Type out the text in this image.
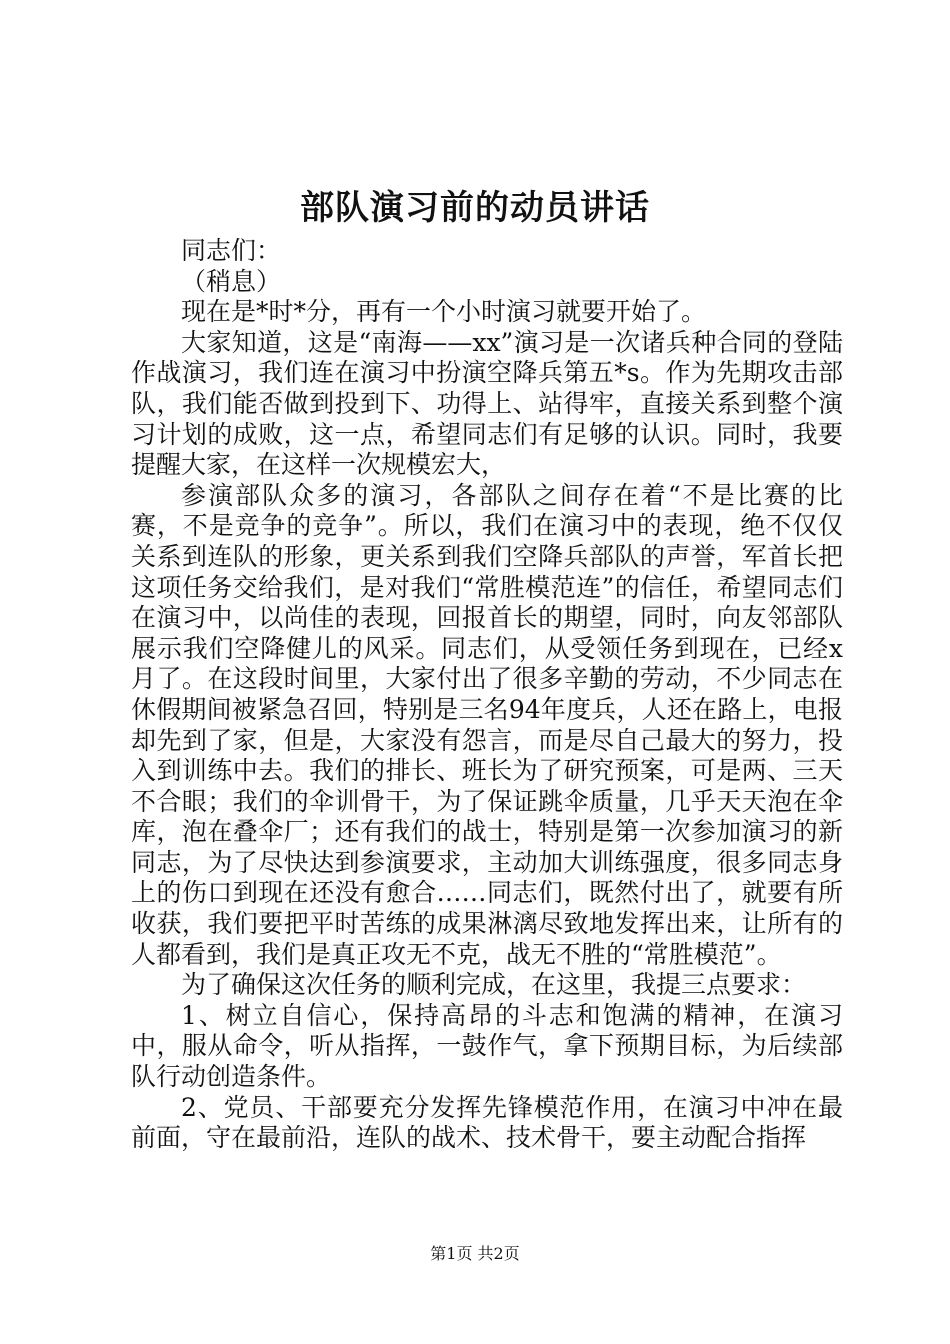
部队演习前的动员讲话

同志们：

（稍息）

现在是*时*分，再有一个小时演习就要开始了。

大家知道，这是“南海——xx”演习是一次诸兵种合同的登陆作战演习，我们连在演习中扮演空降兵第五*s。作为先期攻击部队，我们能否做到投到下、功得上、站得牢，直接关系到整个演习计划的成败，这一点，希望同志们有足够的认识。同时，我要提醒大家，在这样一次规模宏大，

参演部队众多的演习，各部队之间存在着“不是比赛的比赛，不是竞争的竞争”。所以，我们在演习中的表现，绝不仅仅关系到连队的形象，更关系到我们空降兵部队的声誉，军首长把这项任务交给我们，是对我们“常胜模范连”的信任，希望同志们在演习中，以尚佳的表现，回报首长的期望，同时，向友邻部队展示我们空降健儿的风采。同志们，从受领任务到现在，已经x月了。在这段时间里，大家付出了很多辛勤的劳动，不少同志在休假期间被紧急召回，特别是三名94年度兵，人还在路上，电报却先到了家，但是，大家没有怨言，而是尽自己最大的努力，投入到训练中去。我们的排长、班长为了研究预案，可是两、三天不合眼；我们的伞训骨干，为了保证跳伞质量，几乎天天泡在伞库，泡在叠伞厂；还有我们的战士，特别是第一次参加演习的新同志，为了尽快达到参演要求，主动加大训练强度，很多同志身上的伤口到现在还没有愈合……同志们，既然付出了，就要有所收获，我们要把平时苦练的成果淋漓尽致地发挥出来，让所有的人都看到，我们是真正攻无不克，战无不胜的“常胜模范”。

为了确保这次任务的顺利完成，在这里，我提三点要求：

1、树立自信心，保持高昂的斗志和饱满的精神，在演习中，服从命令，听从指挥，一鼓作气，拿下预期目标，为后续部队行动创造条件。

2、党员、干部要充分发挥先锋模范作用，在演习中冲在最前面，守在最前沿，连队的战术、技术骨干，要主动配合指挥

第1页 共2页
